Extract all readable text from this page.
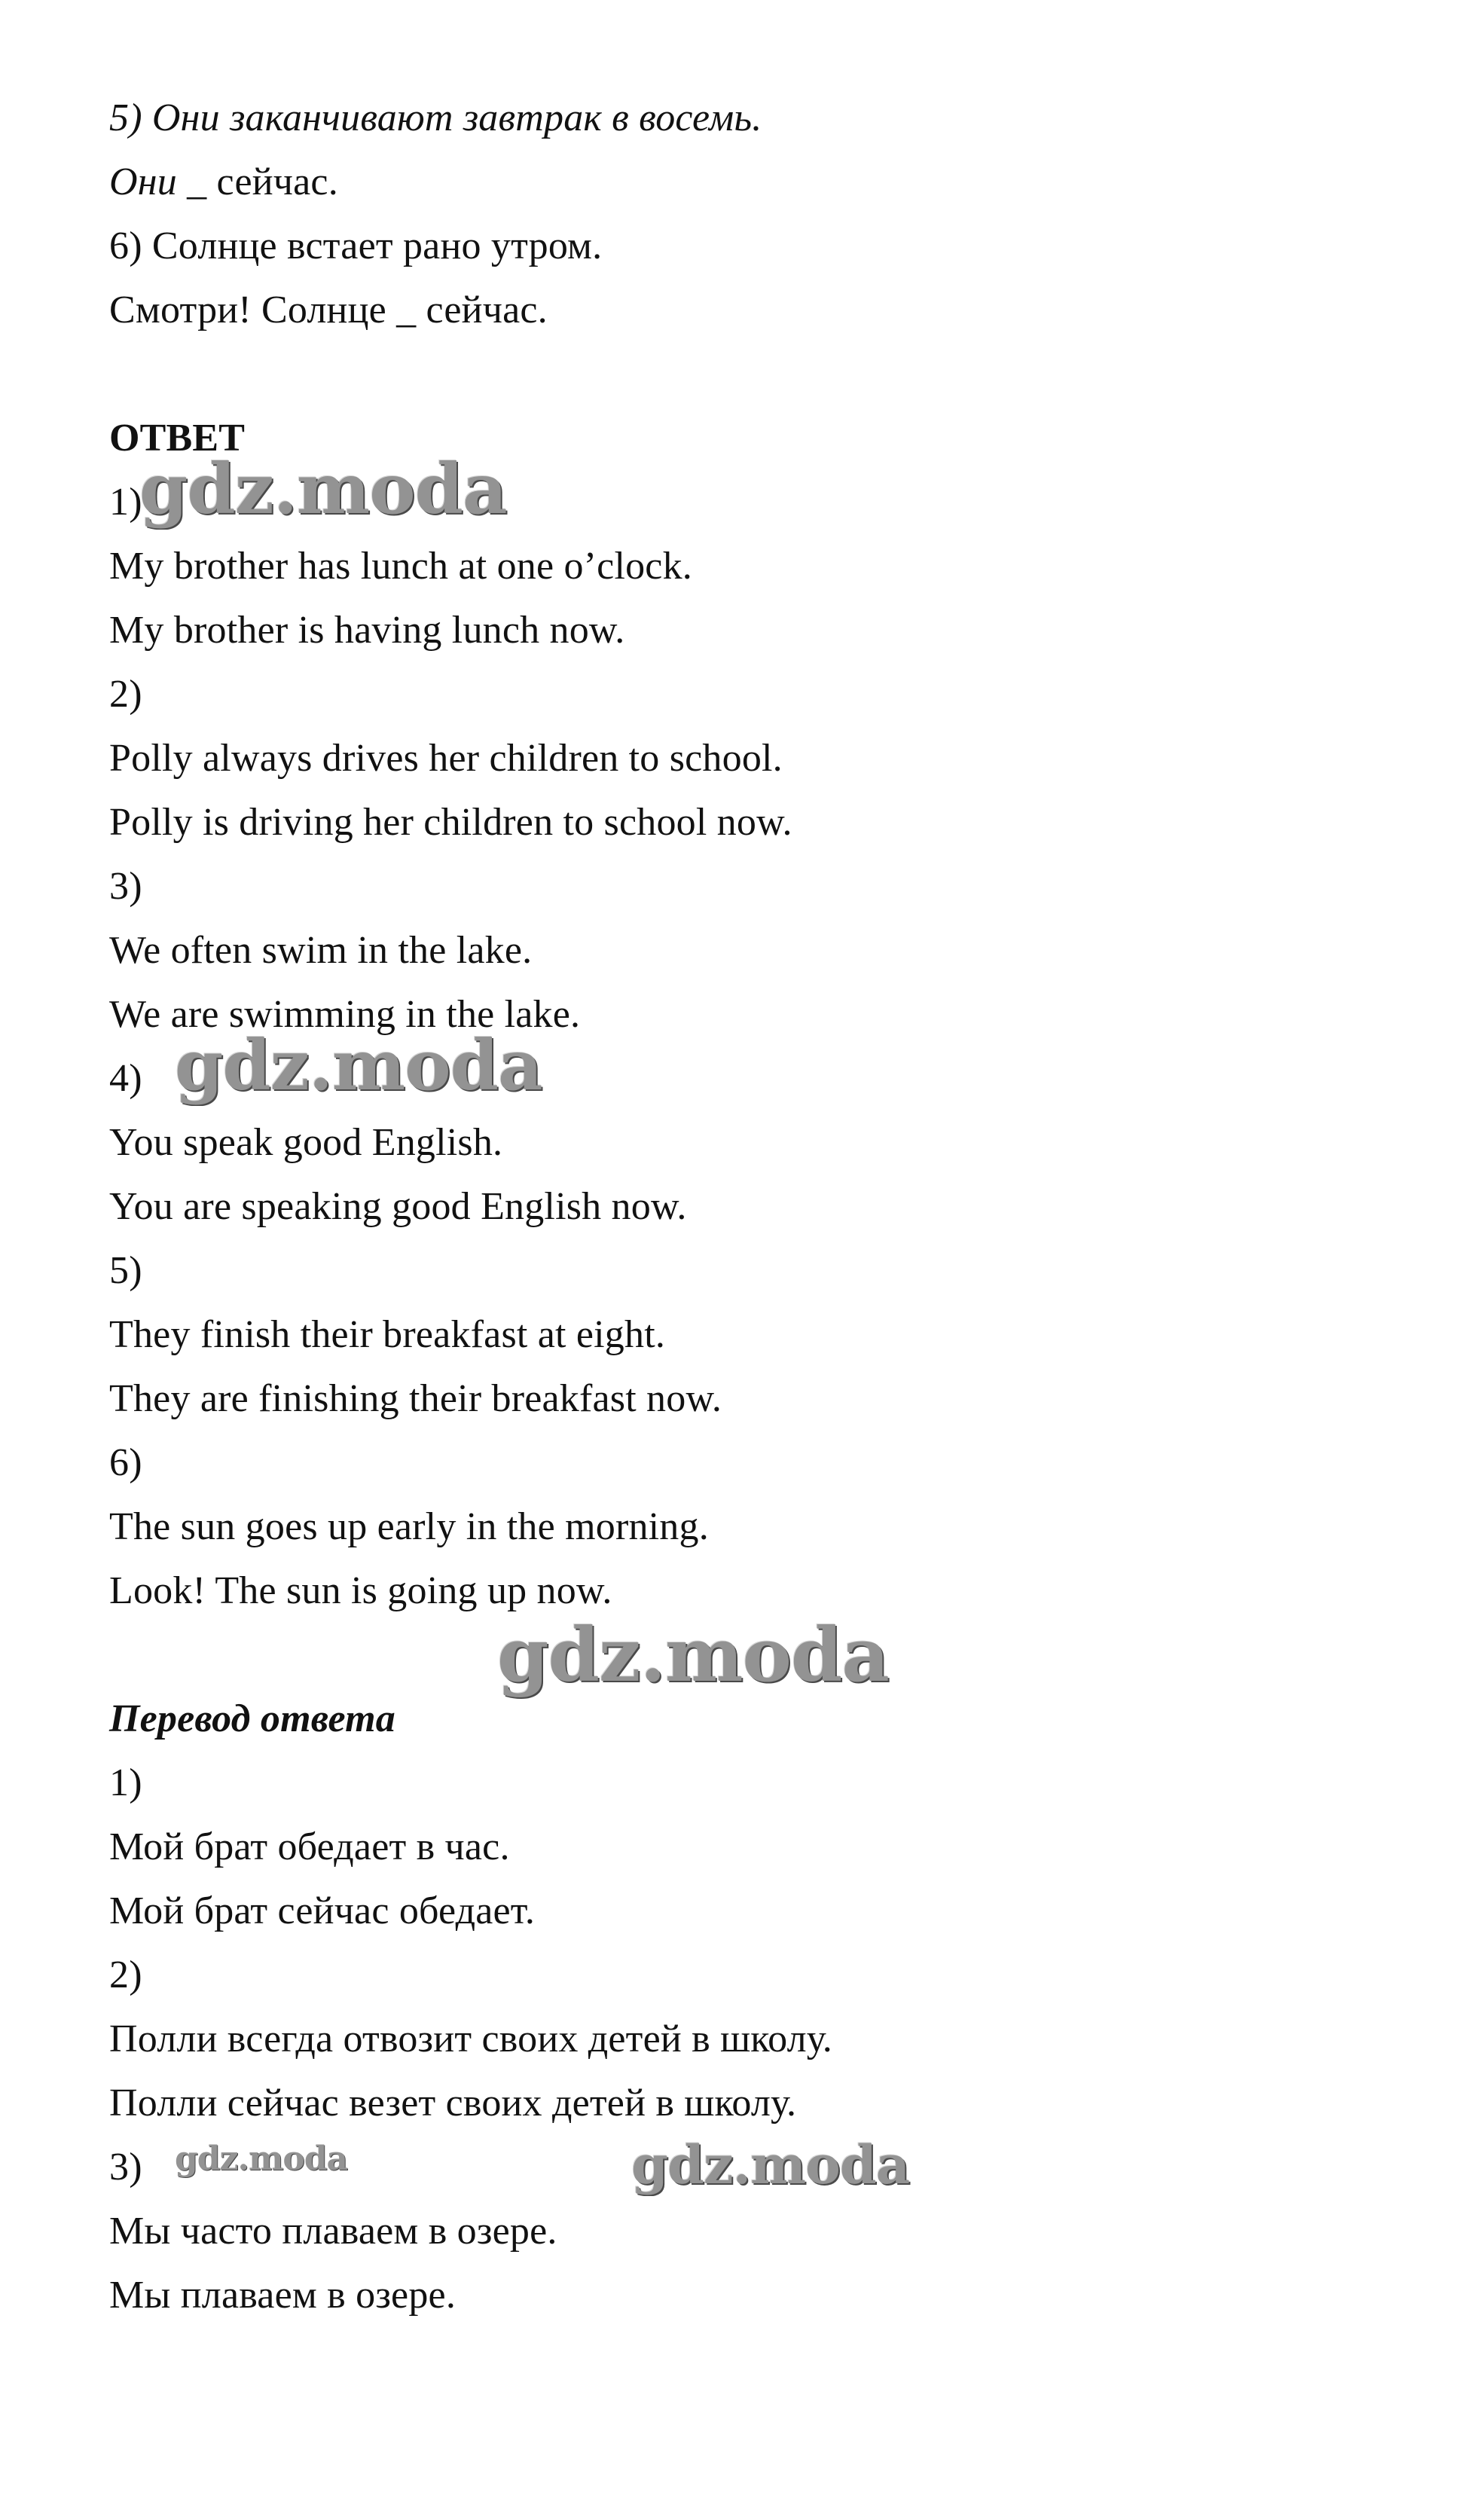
5) Они заканчивают завтрак в восемь.
Они _ сейчас.
6) Солнце встает рано утром.
Смотри! Солнце _ сейчас.
ОТВЕТ
1)
My brother has lunch at one o’clock.
My brother is having lunch now.
2)
Polly always drives her children to school.
Polly is driving her children to school now.
3)
We often swim in the lake.
We are swimming in the lake.
4)
You speak good English.
You are speaking good English now.
5)
They finish their breakfast at eight.
They are finishing their breakfast now.
6)
The sun goes up early in the morning.
Look! The sun is going up now.
Перевод ответа
1)
Мой брат обедает в час.
Мой брат сейчас обедает.
2)
Полли всегда отвозит своих детей в школу.
Полли сейчас везет своих детей в школу.
3)
Мы часто плаваем в озере.
Мы плаваем в озере.
gdz.moda
gdz.moda
gdz.moda
gdz.moda	gdz.moda
